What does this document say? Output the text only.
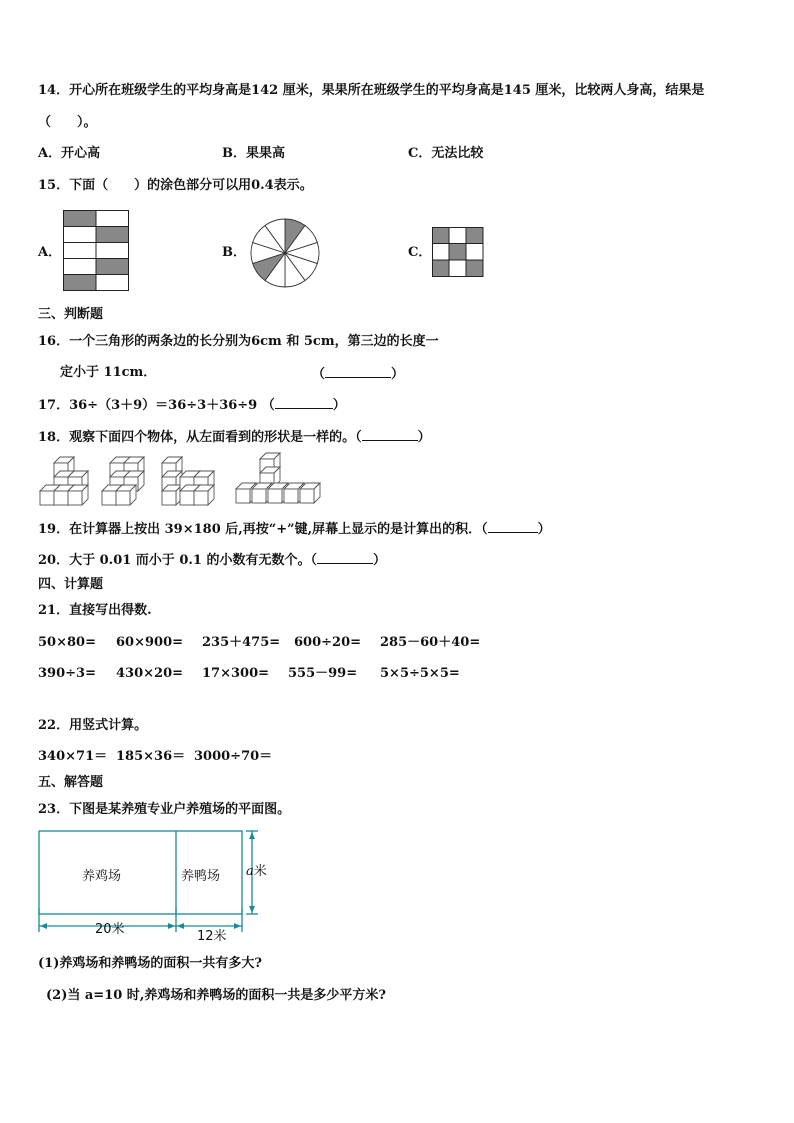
14．开心所在班级学生的平均身高是142 厘米，果果所在班级学生的平均身高是145 厘米，比较两人身高，结果是
（　　）。
A．开心高	B．果果高	C．无法比较
15．下面（　　）的涂色部分可以用0.4表示。
A．	B．	C．
三、判断题
16．一个三角形的两条边的长分别为6cm 和 5cm，第三边的长度一
定小于 11cm．	（	）
17．36÷（3＋9）＝36÷3＋36÷9 （	）
18．观察下面四个物体，从左面看到的形状是一样的。（	）
19．在计算器上按出 39×180 后,再按“+”键,屏幕上显示的是计算出的积．（	）
20．大于 0.01 而小于 0.1 的小数有无数个。（	）
四、计算题
21．直接写出得数.
50×80= 60×900= 235＋475= 600÷20= 285－60＋40=
390÷3= 430×20= 17×300= 555－99= 5×5÷5×5=
22．用竖式计算。
340×71＝ 185×36＝ 3000÷70＝
五、解答题
23．下图是某养殖专业户养殖场的平面图。
养鸡场	养鸭场 a米
20米	12米
(1)养鸡场和养鸭场的面积一共有多大?
(2)当 a=10 时,养鸡场和养鸭场的面积一共是多少平方米?
